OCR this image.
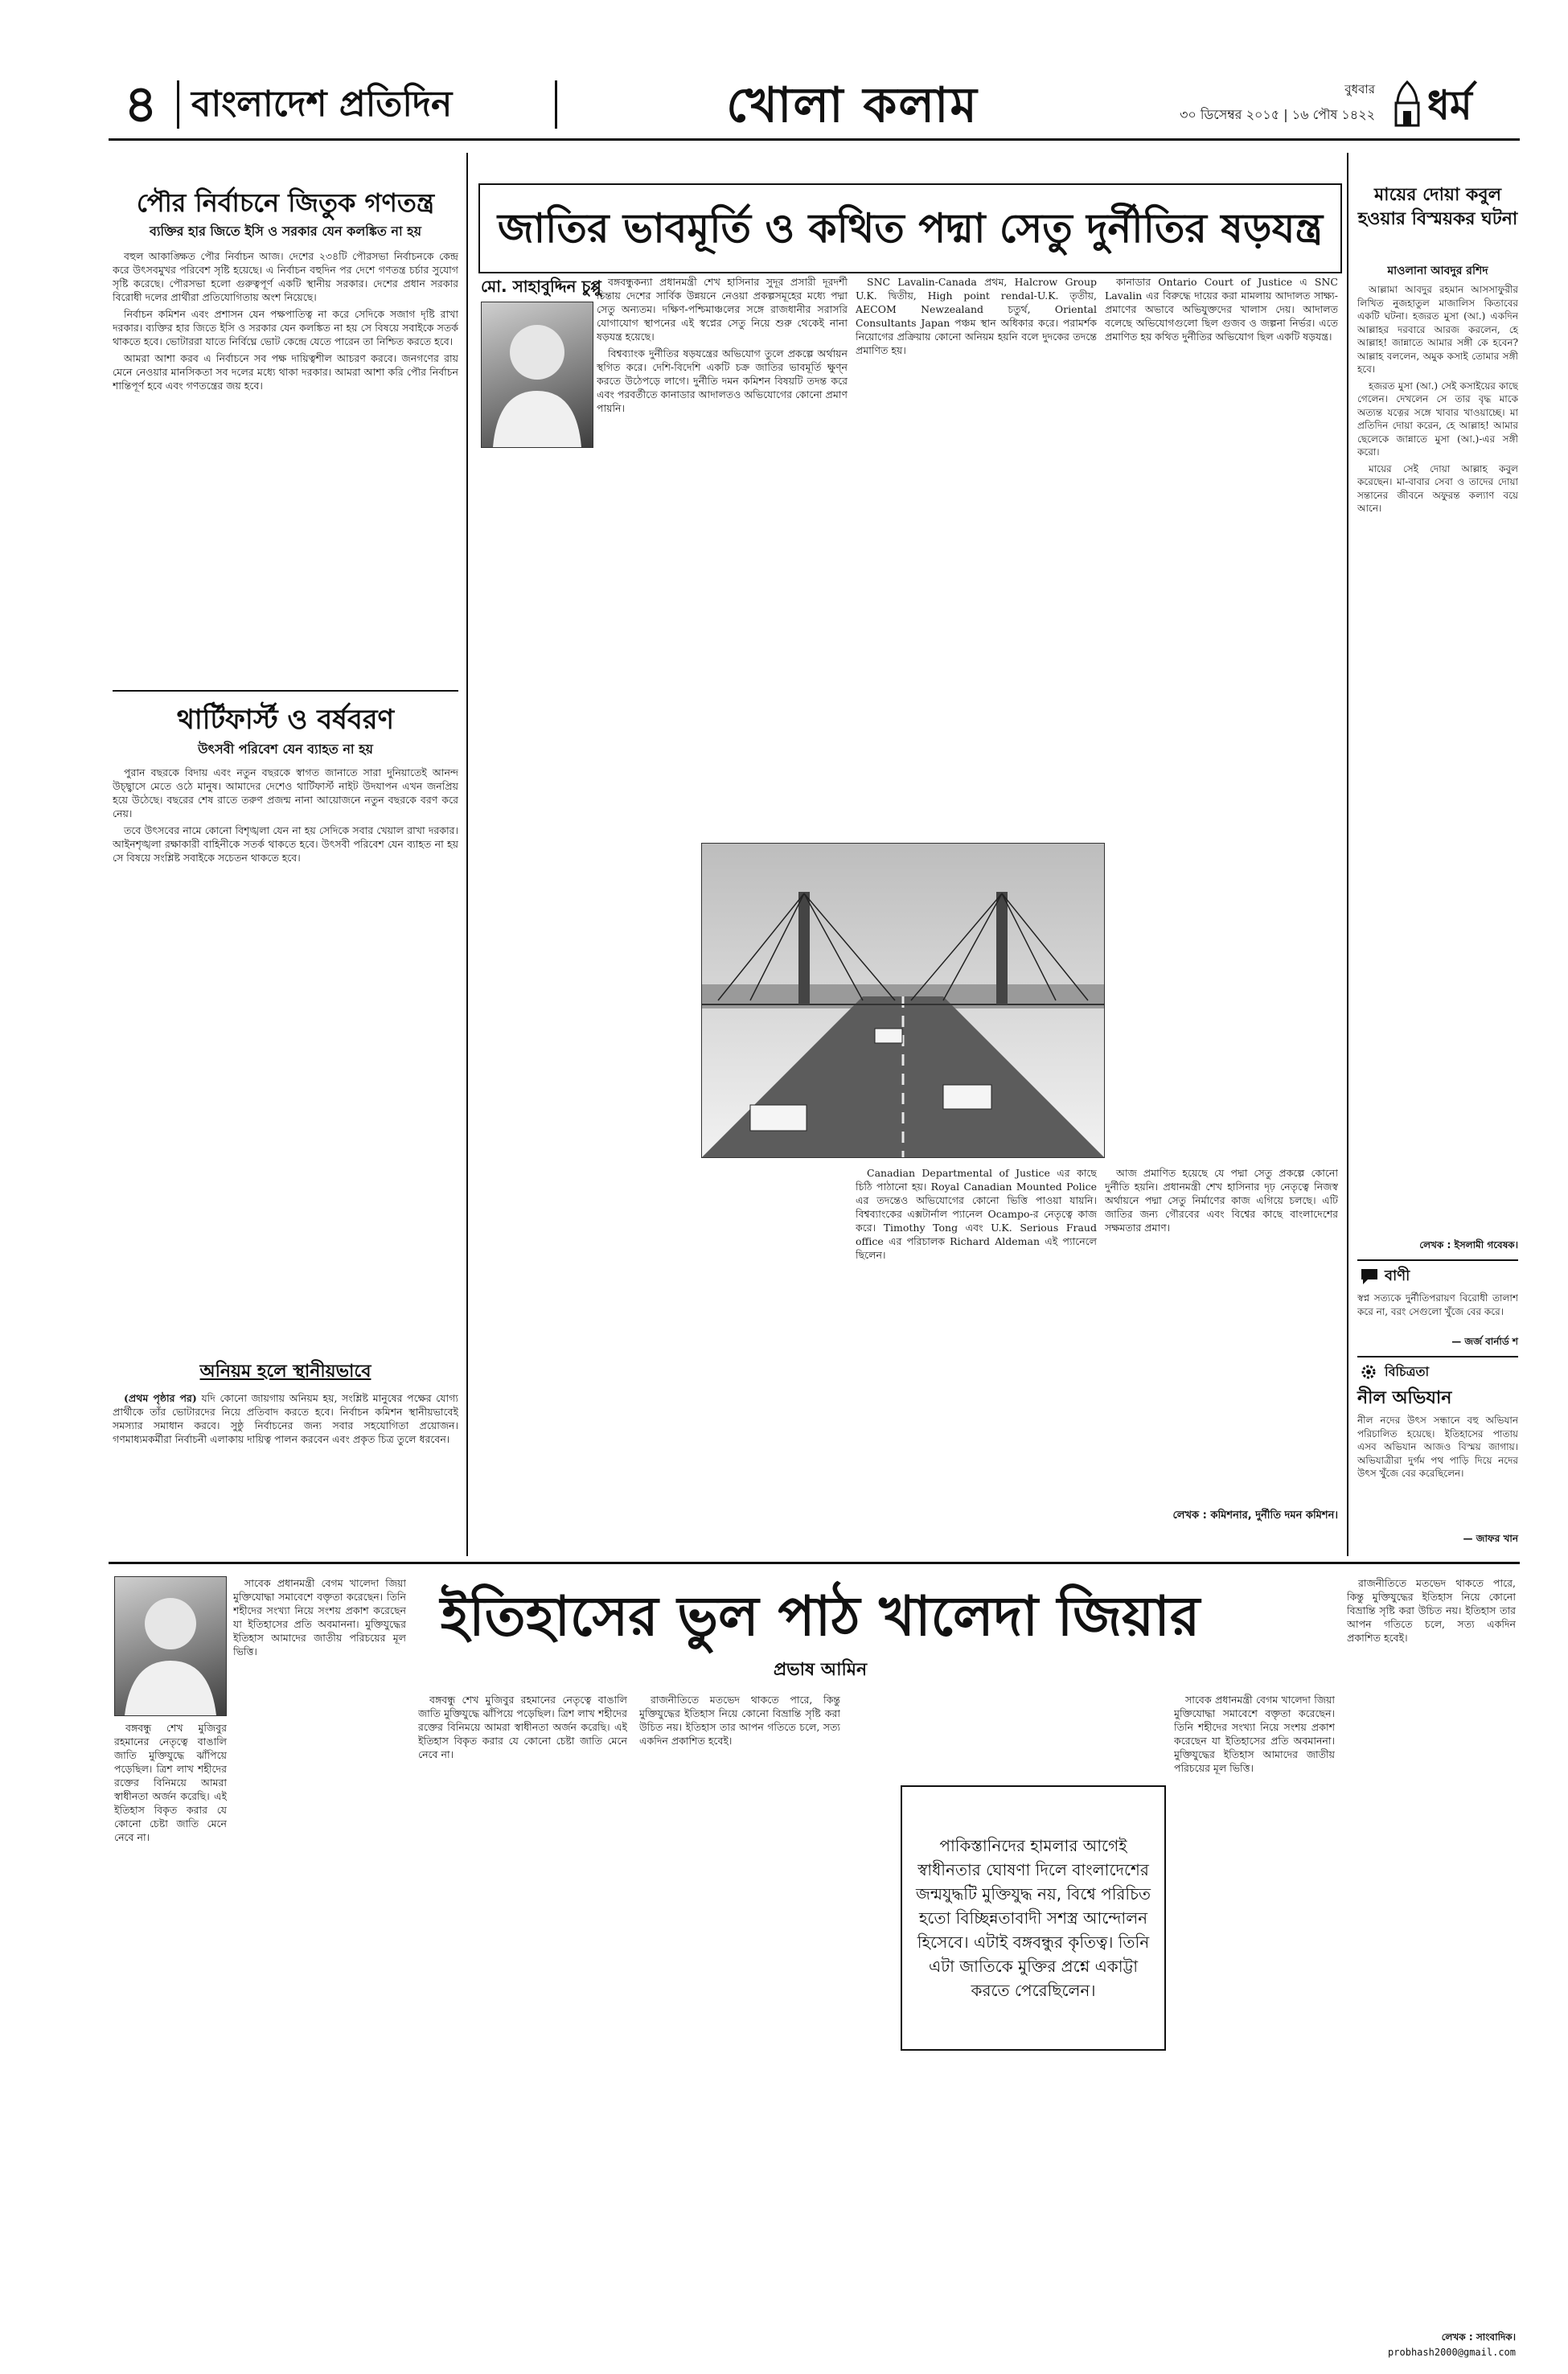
৪ বাংলাদেশ প্রতিদিন	খোলা কলাম	বুধবার
৩০ ডিসেম্বর ২০১৫ | ১৬ পৌষ ১৪২২ ধর্ম
পৌর নির্বাচনে জিতুক গণতন্ত্র
ব্যক্তির হার জিতে ইসি ও সরকার যেন কলঙ্কিত না হয়

বহুল আকাঙ্ক্ষিত পৌর নির্বাচন আজ। দেশের ২৩৪টি পৌরসভা নির্বাচনকে কেন্দ্র করে উৎসবমুখর পরিবেশ সৃষ্টি হয়েছে। এ নির্বাচন বহুদিন পর দেশে গণতন্ত্র চর্চার সুযোগ সৃষ্টি করেছে। পৌরসভা হলো গুরুত্বপূর্ণ একটি স্থানীয় সরকার। দেশের প্রধান সরকার বিরোধী দলের প্রার্থীরা প্রতিযোগিতায় অংশ নিয়েছে।

নির্বাচন কমিশন এবং প্রশাসন যেন পক্ষপাতিত্ব না করে সেদিকে সজাগ দৃষ্টি রাখা দরকার। ব্যক্তির হার জিতে ইসি ও সরকার যেন কলঙ্কিত না হয় সে বিষয়ে সবাইকে সতর্ক থাকতে হবে। ভোটাররা যাতে নির্বিঘ্নে ভোট কেন্দ্রে যেতে পারেন তা নিশ্চিত করতে হবে।

আমরা আশা করব এ নির্বাচনে সব পক্ষ দায়িত্বশীল আচরণ করবে। জনগণের রায় মেনে নেওয়ার মানসিকতা সব দলের মধ্যে থাকা দরকার। আমরা আশা করি পৌর নির্বাচন শান্তিপূর্ণ হবে এবং গণতন্ত্রের জয় হবে।

থার্টিফার্স্ট ও বর্ষবরণ
উৎসবী পরিবেশ যেন ব্যাহত না হয়

পুরান বছরকে বিদায় এবং নতুন বছরকে স্বাগত জানাতে সারা দুনিয়াতেই আনন্দ উচ্ছ্বাসে মেতে ওঠে মানুষ। আমাদের দেশেও থার্টিফার্স্ট নাইট উদযাপন এখন জনপ্রিয় হয়ে উঠেছে। বছরের শেষ রাতে তরুণ প্রজন্ম নানা আয়োজনে নতুন বছরকে বরণ করে নেয়।

তবে উৎসবের নামে কোনো বিশৃঙ্খলা যেন না হয় সেদিকে সবার খেয়াল রাখা দরকার। আইনশৃঙ্খলা রক্ষাকারী বাহিনীকে সতর্ক থাকতে হবে। উৎসবী পরিবেশ যেন ব্যাহত না হয় সে বিষয়ে সংশ্লিষ্ট সবাইকে সচেতন থাকতে হবে।

অনিয়ম হলে স্থানীয়ভাবে

(প্রথম পৃষ্ঠার পর) যদি কোনো জায়গায় অনিয়ম হয়, সংশ্লিষ্ট মানুষের পক্ষের যোগ্য প্রার্থীকে তাঁর ভোটারদের নিয়ে প্রতিবাদ করতে হবে। নির্বাচন কমিশন স্থানীয়ভাবেই সমস্যার সমাধান করবে। সুষ্ঠু নির্বাচনের জন্য সবার সহযোগিতা প্রয়োজন। গণমাধ্যমকর্মীরা নির্বাচনী এলাকায় দায়িত্ব পালন করবেন এবং প্রকৃত চিত্র তুলে ধরবেন।

জাতির ভাবমূর্তি ও কথিত পদ্মা সেতু দুর্নীতির ষড়যন্ত্র
মো. সাহাবুদ্দিন চুপ্পু বঙ্গবন্ধুকন্যা প্রধানমন্ত্রী শেখ হাসিনার সুদূর প্রসারী দূরদর্শী চিন্তায় দেশের সার্বিক উন্নয়নে নেওয়া প্রকল্পসমূহের মধ্যে পদ্মা সেতু অন্যতম। দক্ষিণ-পশ্চিমাঞ্চলের সঙ্গে রাজধানীর সরাসরি যোগাযোগ স্থাপনের এই স্বপ্নের সেতু নিয়ে শুরু থেকেই নানা ষড়যন্ত্র হয়েছে।

বিশ্বব্যাংক দুর্নীতির ষড়যন্ত্রের অভিযোগ তুলে প্রকল্পে অর্থায়ন স্থগিত করে। দেশি-বিদেশি একটি চক্র জাতির ভাবমূর্তি ক্ষুণ্ন করতে উঠেপড়ে লাগে। দুর্নীতি দমন কমিশন বিষয়টি তদন্ত করে এবং পরবর্তীতে কানাডার আদালতও অভিযোগের কোনো প্রমাণ পায়নি।

SNC Lavalin-Canada প্রথম, Halcrow Group U.K. দ্বিতীয়, High point rendal-U.K. তৃতীয়, AECOM Newzealand চতুর্থ, Oriental Consultants Japan পঞ্চম স্থান অধিকার করে। পরামর্শক নিয়োগের প্রক্রিয়ায় কোনো অনিয়ম হয়নি বলে দুদকের তদন্তে প্রমাণিত হয়।

কানাডার Ontario Court of Justice এ SNC Lavalin এর বিরুদ্ধে দায়ের করা মামলায় আদালত সাক্ষ্য-প্রমাণের অভাবে অভিযুক্তদের খালাস দেয়। আদালত বলেছে অভিযোগগুলো ছিল গুজব ও জল্পনা নির্ভর। এতে প্রমাণিত হয় কথিত দুর্নীতির অভিযোগ ছিল একটি ষড়যন্ত্র।

Canadian Departmental of Justice এর কাছে চিঠি পাঠানো হয়। Royal Canadian Mounted Police এর তদন্তেও অভিযোগের কোনো ভিত্তি পাওয়া যায়নি। বিশ্বব্যাংকের এক্সটার্নাল প্যানেল Ocampo-র নেতৃত্বে কাজ করে। Timothy Tong এবং U.K. Serious Fraud office এর পরিচালক Richard Aldeman এই প্যানেলে ছিলেন।

আজ প্রমাণিত হয়েছে যে পদ্মা সেতু প্রকল্পে কোনো দুর্নীতি হয়নি। প্রধানমন্ত্রী শেখ হাসিনার দৃঢ় নেতৃত্বে নিজস্ব অর্থায়নে পদ্মা সেতু নির্মাণের কাজ এগিয়ে চলছে। এটি জাতির জন্য গৌরবের এবং বিশ্বের কাছে বাংলাদেশের সক্ষমতার প্রমাণ।

লেখক : কমিশনার, দুর্নীতি দমন কমিশন।
মায়ের দোয়া কবুল হওয়ার বিস্ময়কর ঘটনা
মাওলানা আবদুর রশিদ

আল্লামা আবদুর রহমান আসসাফুরীর লিখিত নুজহাতুল মাজালিস কিতাবের একটি ঘটনা। হজরত মুসা (আ.) একদিন আল্লাহর দরবারে আরজ করলেন, হে আল্লাহ! জান্নাতে আমার সঙ্গী কে হবেন? আল্লাহ বললেন, অমুক কসাই তোমার সঙ্গী হবে।

হজরত মুসা (আ.) সেই কসাইয়ের কাছে গেলেন। দেখলেন সে তার বৃদ্ধ মাকে অত্যন্ত যত্নের সঙ্গে খাবার খাওয়াচ্ছে। মা প্রতিদিন দোয়া করেন, হে আল্লাহ! আমার ছেলেকে জান্নাতে মুসা (আ.)-এর সঙ্গী করো।

মায়ের সেই দোয়া আল্লাহ কবুল করেছেন। মা-বাবার সেবা ও তাদের দোয়া সন্তানের জীবনে অফুরন্ত কল্যাণ বয়ে আনে।

লেখক : ইসলামী গবেষক।
বাণী
স্বপ্ন সত্যকে দুর্নীতিপরায়ণ বিরোধী তালাশ করে না, বরং সেগুলো খুঁজে বের করে।
— জর্জ বার্নার্ড শ
বিচিত্রতা
নীল অভিযান
নীল নদের উৎস সন্ধানে বহু অভিযান পরিচালিত হয়েছে। ইতিহাসের পাতায় এসব অভিযান আজও বিস্ময় জাগায়। অভিযাত্রীরা দুর্গম পথ পাড়ি দিয়ে নদের উৎস খুঁজে বের করেছিলেন।
— জাফর খান

সাবেক প্রধানমন্ত্রী বেগম খালেদা জিয়া মুক্তিযোদ্ধা সমাবেশে বক্তৃতা করেছেন। তিনি শহীদের সংখ্যা নিয়ে সংশয় প্রকাশ করেছেন যা ইতিহাসের প্রতি অবমাননা। মুক্তিযুদ্ধের ইতিহাস আমাদের জাতীয় পরিচয়ের মূল ভিত্তি।

বঙ্গবন্ধু শেখ মুজিবুর রহমানের নেতৃত্বে বাঙালি জাতি মুক্তিযুদ্ধে ঝাঁপিয়ে পড়েছিল। ত্রিশ লাখ শহীদের রক্তের বিনিময়ে আমরা স্বাধীনতা অর্জন করেছি। এই ইতিহাস বিকৃত করার যে কোনো চেষ্টা জাতি মেনে নেবে না।

ইতিহাসের ভুল পাঠ খালেদা জিয়ার
প্রভাষ আমিন

বঙ্গবন্ধু শেখ মুজিবুর রহমানের নেতৃত্বে বাঙালি জাতি মুক্তিযুদ্ধে ঝাঁপিয়ে পড়েছিল। ত্রিশ লাখ শহীদের রক্তের বিনিময়ে আমরা স্বাধীনতা অর্জন করেছি। এই ইতিহাস বিকৃত করার যে কোনো চেষ্টা জাতি মেনে নেবে না।

রাজনীতিতে মতভেদ থাকতে পারে, কিন্তু মুক্তিযুদ্ধের ইতিহাস নিয়ে কোনো বিভ্রান্তি সৃষ্টি করা উচিত নয়। ইতিহাস তার আপন গতিতে চলে, সত্য একদিন প্রকাশিত হবেই।

পাকিস্তানিদের হামলার আগেই স্বাধীনতার ঘোষণা দিলে বাংলাদেশের জন্মযুদ্ধটি মুক্তিযুদ্ধ নয়, বিশ্বে পরিচিত হতো বিচ্ছিন্নতাবাদী সশস্ত্র আন্দোলন হিসেবে। এটাই বঙ্গবন্ধুর কৃতিত্ব। তিনি এটা জাতিকে মুক্তির প্রশ্নে একাট্টা করতে পেরেছিলেন।

সাবেক প্রধানমন্ত্রী বেগম খালেদা জিয়া মুক্তিযোদ্ধা সমাবেশে বক্তৃতা করেছেন। তিনি শহীদের সংখ্যা নিয়ে সংশয় প্রকাশ করেছেন যা ইতিহাসের প্রতি অবমাননা। মুক্তিযুদ্ধের ইতিহাস আমাদের জাতীয় পরিচয়ের মূল ভিত্তি।

রাজনীতিতে মতভেদ থাকতে পারে, কিন্তু মুক্তিযুদ্ধের ইতিহাস নিয়ে কোনো বিভ্রান্তি সৃষ্টি করা উচিত নয়। ইতিহাস তার আপন গতিতে চলে, সত্য একদিন প্রকাশিত হবেই।

লেখক : সাংবাদিক।
probhash2000@gmail.com
